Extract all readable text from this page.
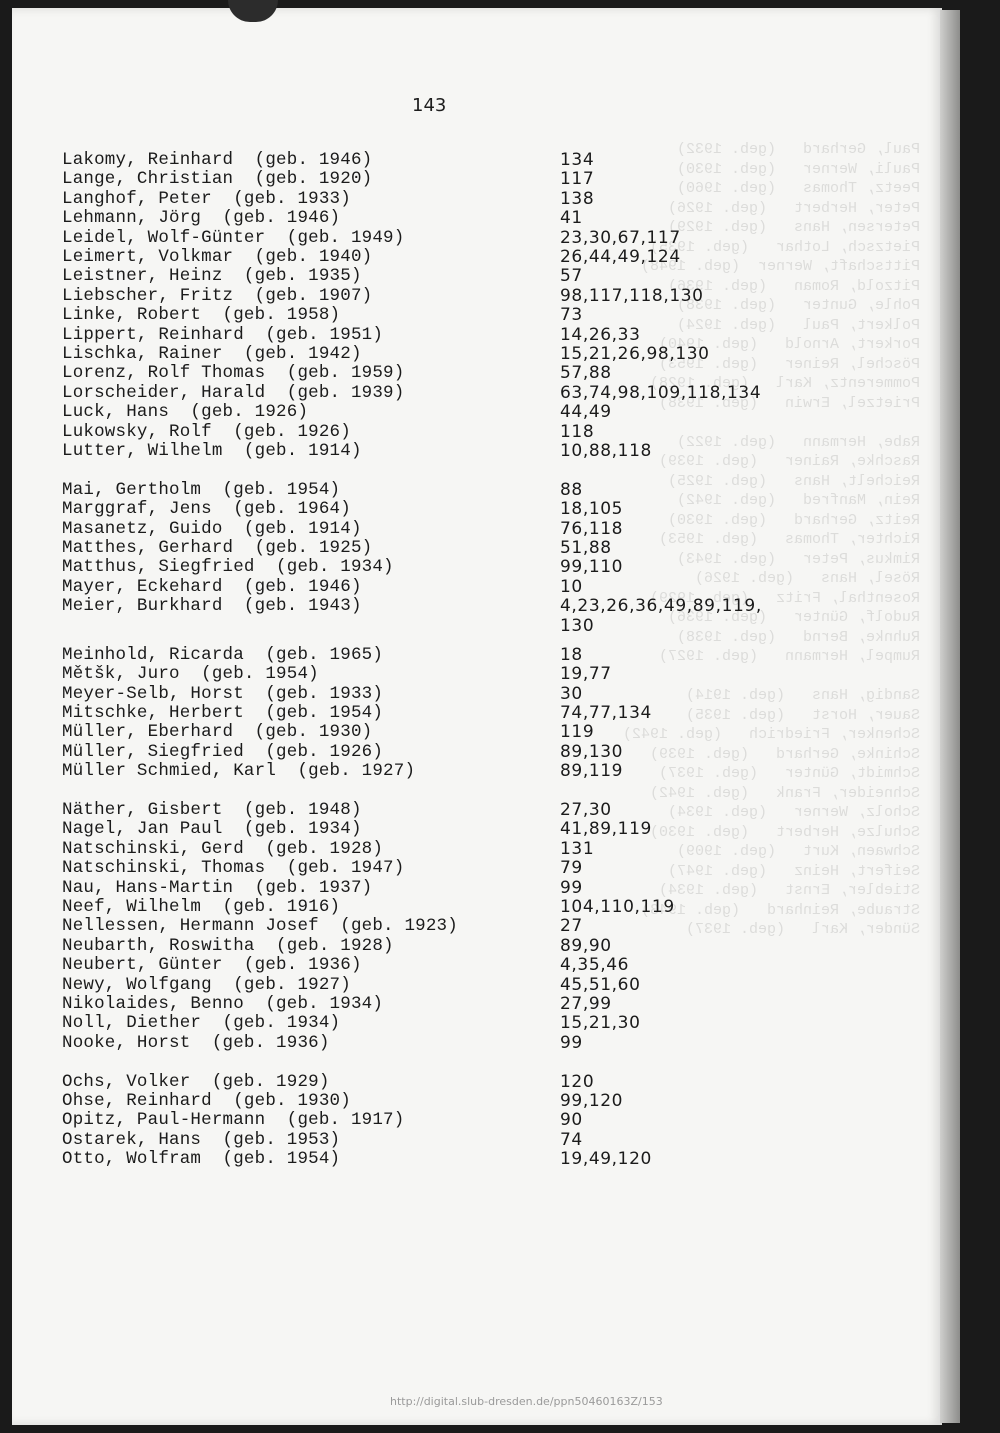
Paul, Gerhard   (geb. 1932)
Pauli, Werner   (geb. 1930)
Peetz, Thomas   (geb. 1960)
Peter, Herbert   (geb. 1926)
Petersen, Hans   (geb. 1929)
Pietzsch, Lothar   (geb. 1935)
Pittschaft, Werner  (geb. 1948)
Pitzold, Roman   (geb. 1936)
Pohle, Gunter   (geb. 1938)
Polkert, Paul   (geb. 1924)
Porkert, Arnold   (geb. 1940)
Pöschel, Reiner   (geb. 1953)
Pommerentz, Karl   (geb. 1928)
Prietzel, Erwin   (geb. 1938)

Rabe, Hermann   (geb. 1922)
Raschke, Rainer   (geb. 1939)
Reichelt, Hans   (geb. 1925)
Rein, Manfred   (geb. 1942)
Reitz, Gerhard   (geb. 1930)
Richter, Thomas   (geb. 1953)
Rimkus, Peter   (geb. 1943)
Rösel, Hans   (geb. 1926)
Rosenthal, Fritz   (geb. 1929)
Rudolf, Günter   (geb. 1936)
Ruhnke, Bernd   (geb. 1938)
Rumpel, Hermann   (geb. 1927)

Sandig, Hans   (geb. 1914)
Sauer, Horst   (geb. 1935)
Schenker, Friedrich   (geb. 1942)
Schinke, Gerhard   (geb. 1939)
Schmidt, Günter   (geb. 1937)
Schneider, Frank   (geb. 1942)
Scholz, Werner   (geb. 1934)
Schulze, Herbert   (geb. 1930)
Schwaen, Kurt   (geb. 1909)
Seifert, Heinz   (geb. 1947)
Stiebler, Ernst   (geb. 1934)
Straube, Reinhard   (geb. 1943)
Sünder, Karl   (geb. 1937)
143
Lakomy, Reinhard  (geb. 1946)	134
Lange, Christian  (geb. 1920)	117
Langhof, Peter  (geb. 1933)	138
Lehmann, Jörg  (geb. 1946)	41
Leidel, Wolf-Günter  (geb. 1949)	23,30,67,117
Leimert, Volkmar  (geb. 1940)	26,44,49,124
Leistner, Heinz  (geb. 1935)	57
Liebscher, Fritz  (geb. 1907)	98,117,118,130
Linke, Robert  (geb. 1958)	73
Lippert, Reinhard  (geb. 1951)	14,26,33
Lischka, Rainer  (geb. 1942)	15,21,26,98,130
Lorenz, Rolf Thomas  (geb. 1959)	57,88
Lorscheider, Harald  (geb. 1939)	63,74,98,109,118,134
Luck, Hans  (geb. 1926)	44,49
Lukowsky, Rolf  (geb. 1926)	118
Lutter, Wilhelm  (geb. 1914)	10,88,118
Mai, Gertholm  (geb. 1954)	88
Marggraf, Jens  (geb. 1964)	18,105
Masanetz, Guido  (geb. 1914)	76,118
Matthes, Gerhard  (geb. 1925)	51,88
Matthus, Siegfried  (geb. 1934)	99,110
Mayer, Eckehard  (geb. 1946)	10
Meier, Burkhard  (geb. 1943)	4,23,26,36,49,89,119,
130
Meinhold, Ricarda  (geb. 1965)	18
Mětšk, Juro  (geb. 1954)	19,77
Meyer-Selb, Horst  (geb. 1933)	30
Mitschke, Herbert  (geb. 1954)	74,77,134
Müller, Eberhard  (geb. 1930)	119
Müller, Siegfried  (geb. 1926)	89,130
Müller Schmied, Karl  (geb. 1927)	89,119
Näther, Gisbert  (geb. 1948)	27,30
Nagel, Jan Paul  (geb. 1934)	41,89,119
Natschinski, Gerd  (geb. 1928)	131
Natschinski, Thomas  (geb. 1947)	79
Nau, Hans-Martin  (geb. 1937)	99
Neef, Wilhelm  (geb. 1916)	104,110,119
Nellessen, Hermann Josef  (geb. 1923)	27
Neubarth, Roswitha  (geb. 1928)	89,90
Neubert, Günter  (geb. 1936)	4,35,46
Newy, Wolfgang  (geb. 1927)	45,51,60
Nikolaides, Benno  (geb. 1934)	27,99
Noll, Diether  (geb. 1934)	15,21,30
Nooke, Horst  (geb. 1936)	99
Ochs, Volker  (geb. 1929)	120
Ohse, Reinhard  (geb. 1930)	99,120
Opitz, Paul-Hermann  (geb. 1917)	90
Ostarek, Hans  (geb. 1953)	74
Otto, Wolfram  (geb. 1954)	19,49,120
http://digital.slub-dresden.de/ppn50460163Z/153
